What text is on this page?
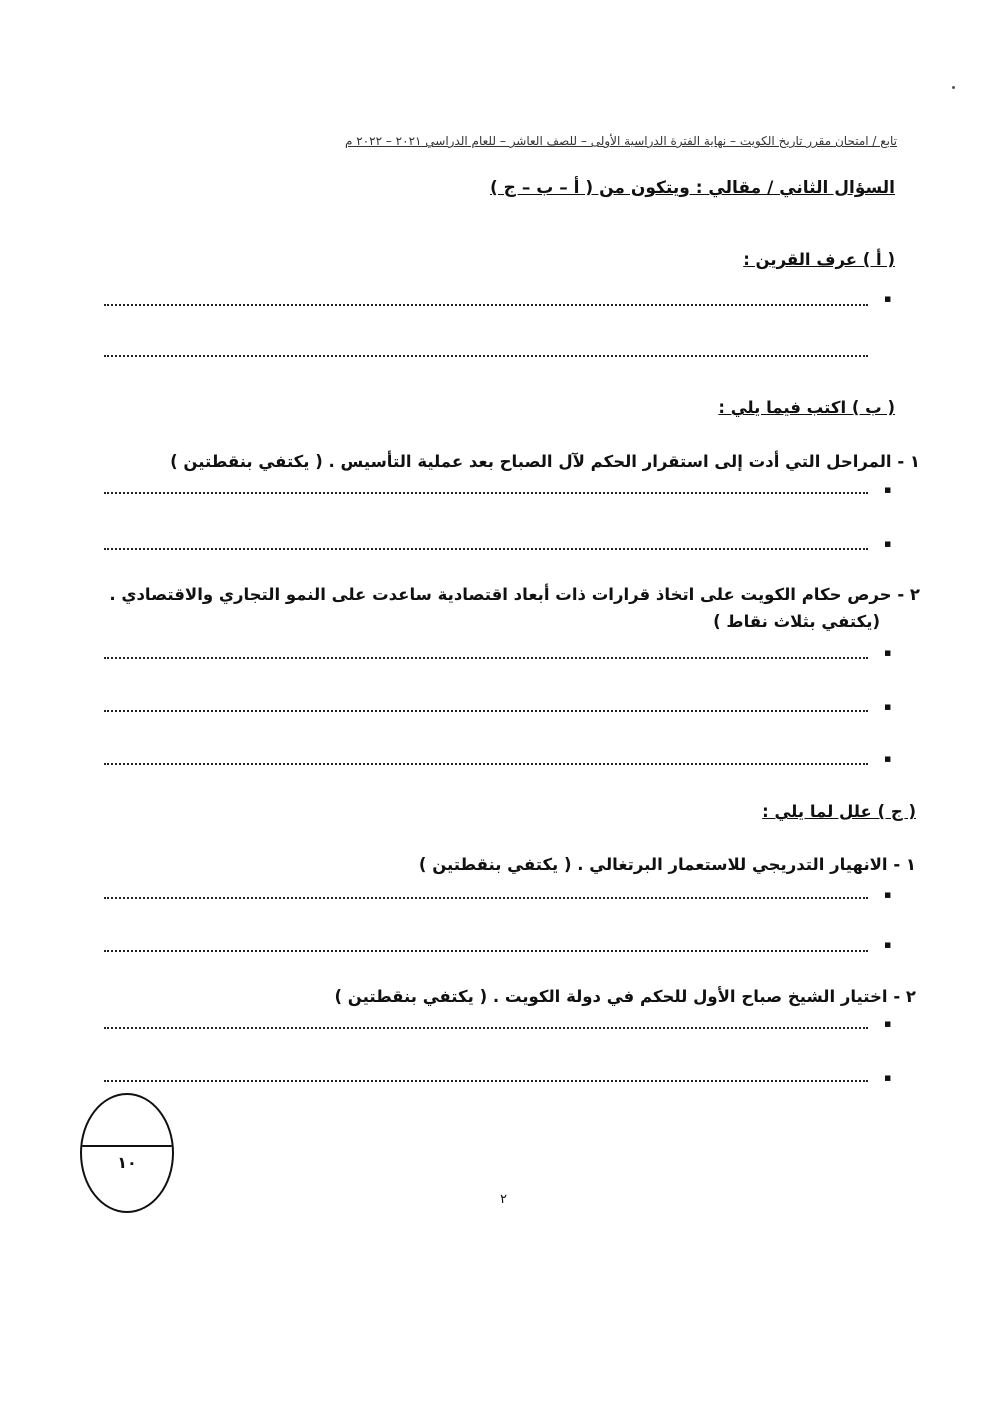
تابع / امتحان مقرر تاريخ الكويت – نهاية الفترة الدراسية الأولى – للصف العاشر – للعام الدراسي ٢٠٢١ – ٢٠٢٢ م
السؤال الثاني / مقالي : ويتكون من ( أ – ب – ج )
( أ ) عرف القرين :
▪
( ب ) اكتب فيما يلي :
١ - المراحل التي أدت إلى استقرار الحكم لآل الصباح بعد عملية التأسيس . ( يكتفي بنقطتين )
▪
▪
٢ - حرص حكام الكويت على اتخاذ قرارات ذات أبعاد اقتصادية ساعدت على النمو التجاري والاقتصادي .
(يكتفي بثلاث نقاط )
▪
▪
▪
( ج ) علل لما يلي :
١ - الانهيار التدريجي للاستعمار البرتغالي . ( يكتفي بنقطتين )
▪
▪
٢ - اختيار الشيخ صباح الأول للحكم في دولة الكويت . ( يكتفي بنقطتين )
▪
▪
١٠
٢
